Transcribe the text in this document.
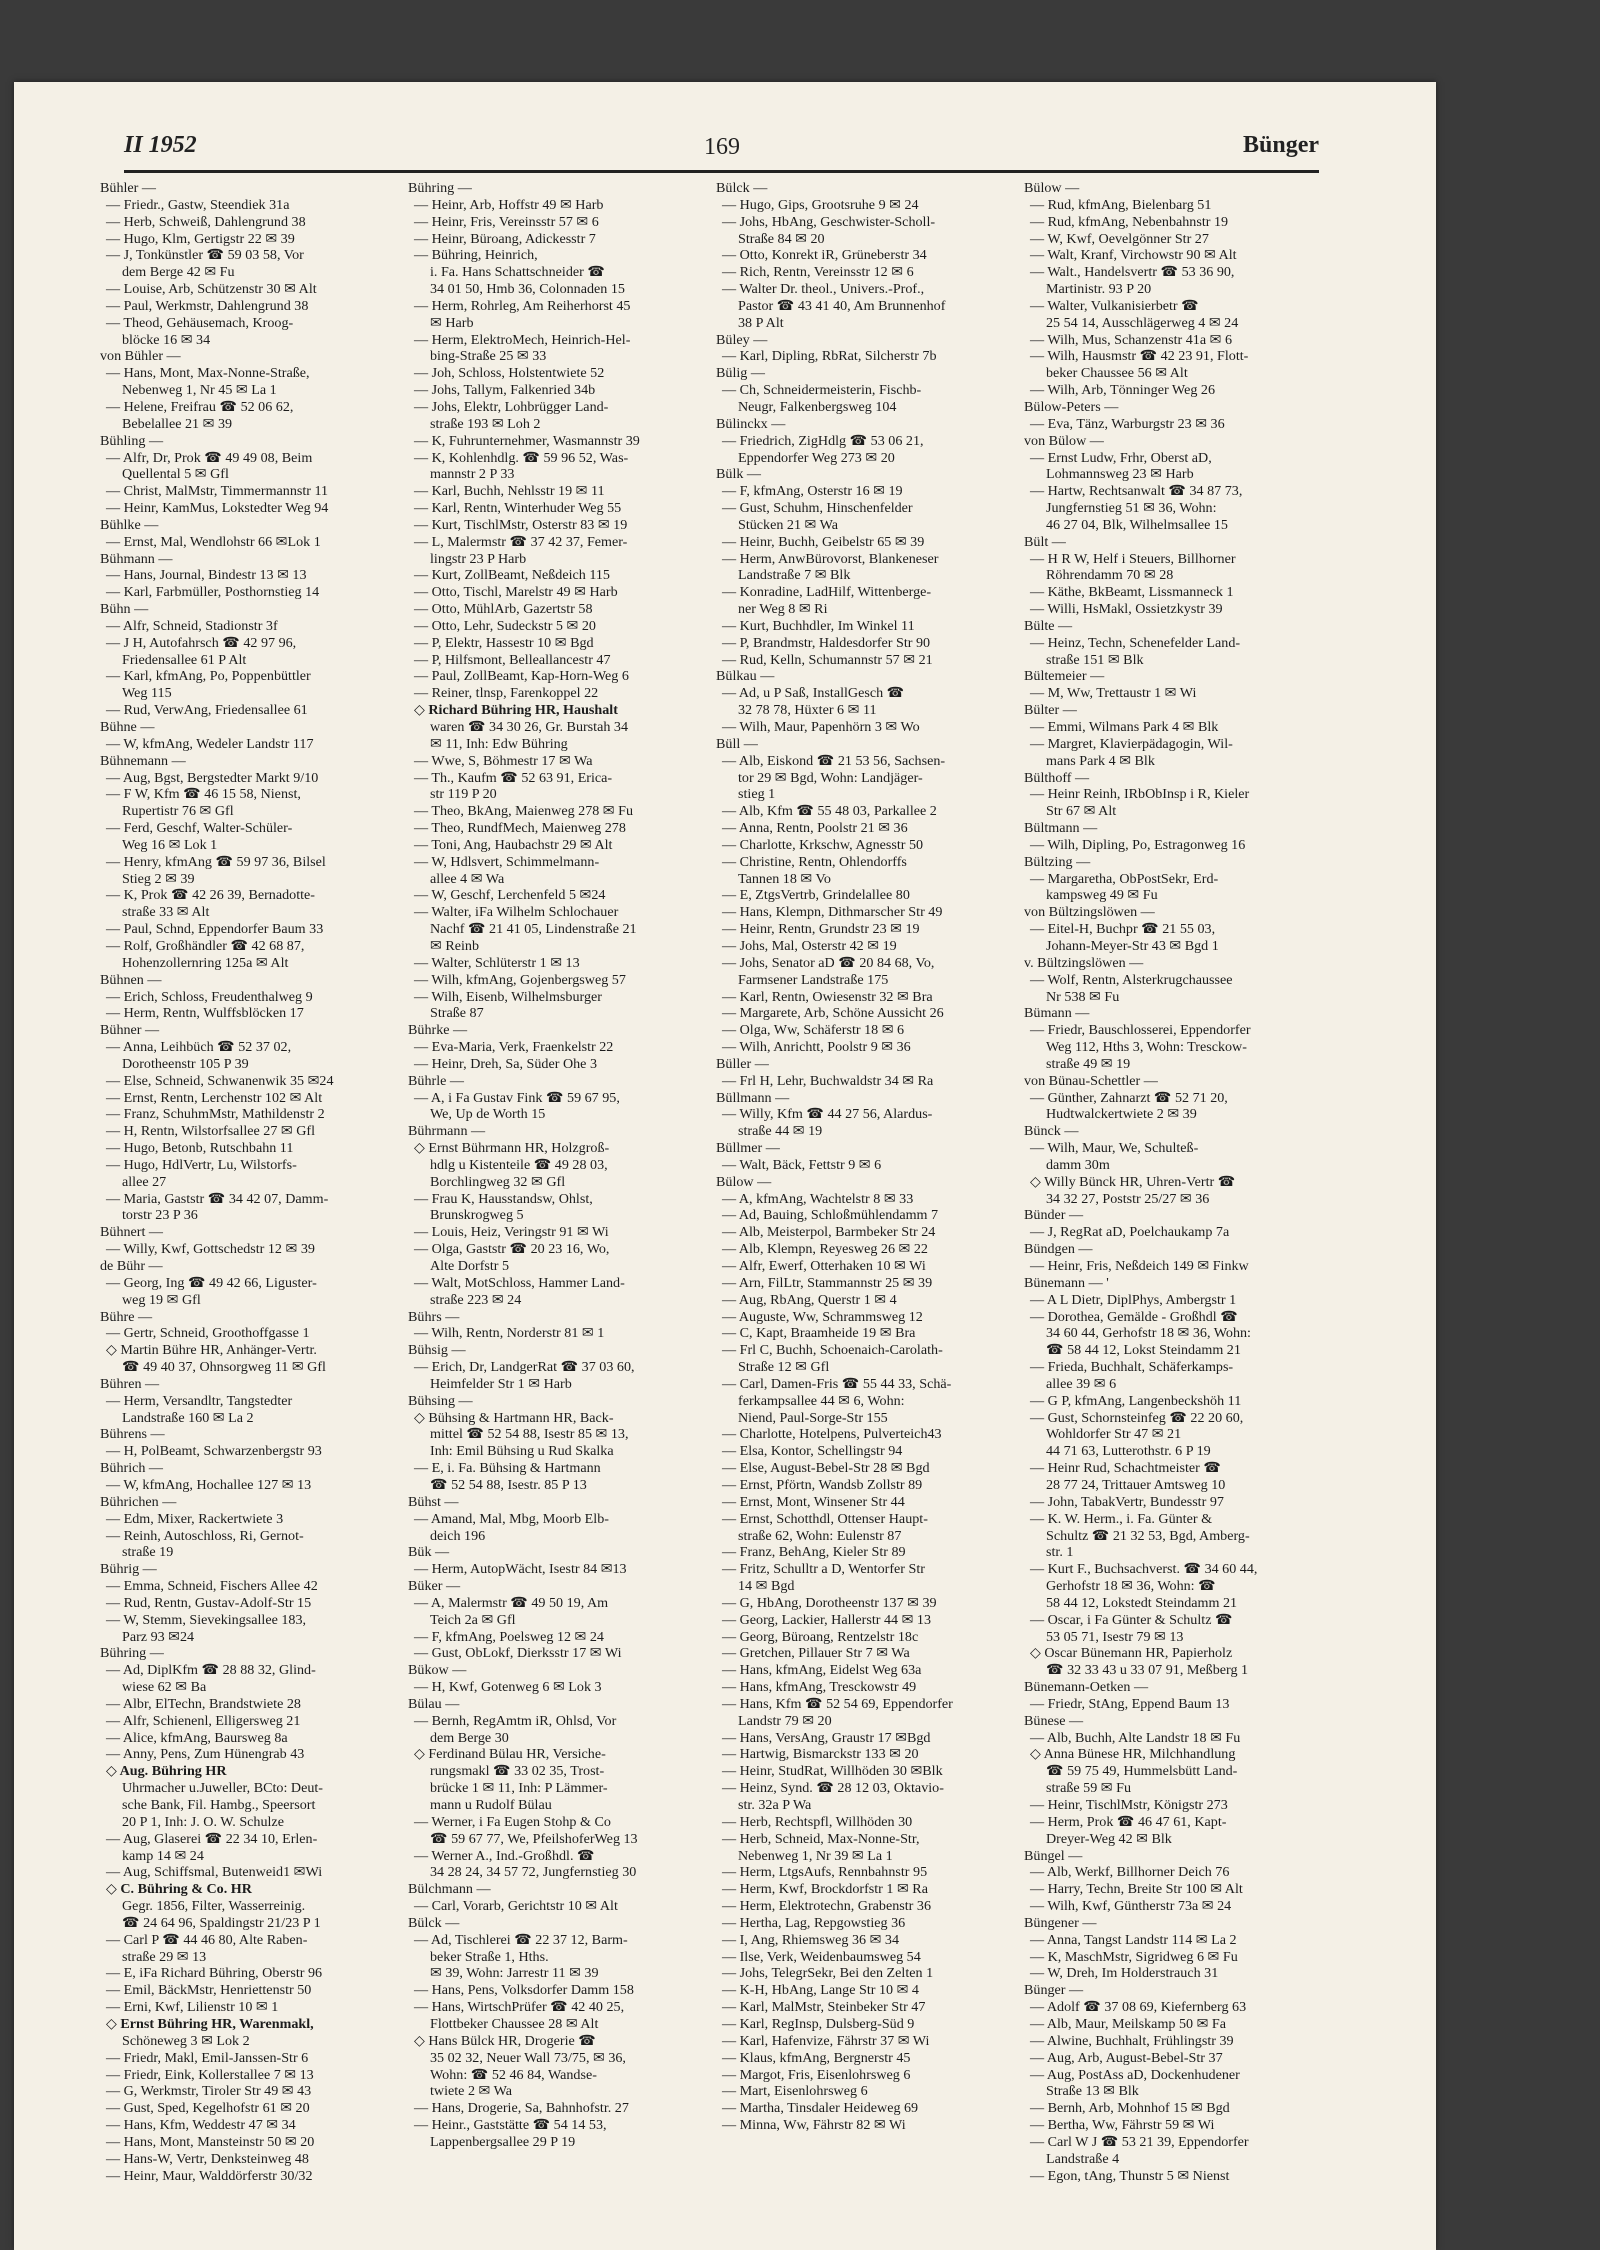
II 1952	169	Bünger
Bühler —
— Friedr., Gastw, Steendiek 31a
— Herb, Schweiß, Dahlengrund 38
— Hugo, Klm, Gertigstr 22 ✉ 39
— J, Tonkünstler ☎ 59 03 58, Vor
dem Berge 42 ✉ Fu
— Louise, Arb, Schützenstr 30 ✉ Alt
— Paul, Werkmstr, Dahlengrund 38
— Theod, Gehäusemach, Kroog-
blöcke 16 ✉ 34
von Bühler —
— Hans, Mont, Max-Nonne-Straße,
Nebenweg 1, Nr 45 ✉ La 1
— Helene, Freifrau ☎ 52 06 62,
Bebelallee 21 ✉ 39
Bühling —
— Alfr, Dr, Prok ☎ 49 49 08, Beim
Quellental 5 ✉ Gfl
— Christ, MalMstr, Timmermannstr 11
— Heinr, KamMus, Lokstedter Weg 94
Bühlke —
— Ernst, Mal, Wendlohstr 66 ✉Lok 1
Bühmann —
— Hans, Journal, Bindestr 13 ✉ 13
— Karl, Farbmüller, Posthornstieg 14
Bühn —
— Alfr, Schneid, Stadionstr 3f
— J H, Autofahrsch ☎ 42 97 96,
Friedensallee 61 P Alt
— Karl, kfmAng, Po, Poppenbüttler
Weg 115
— Rud, VerwAng, Friedensallee 61
Bühne —
— W, kfmAng, Wedeler Landstr 117
Bühnemann —
— Aug, Bgst, Bergstedter Markt 9/10
— F W, Kfm ☎ 46 15 58, Nienst,
Rupertistr 76 ✉ Gfl
— Ferd, Geschf, Walter-Schüler-
Weg 16 ✉ Lok 1
— Henry, kfmAng ☎ 59 97 36, Bilsel
Stieg 2 ✉ 39
— K, Prok ☎ 42 26 39, Bernadotte-
straße 33 ✉ Alt
— Paul, Schnd, Eppendorfer Baum 33
— Rolf, Großhändler ☎ 42 68 87,
Hohenzollernring 125a ✉ Alt
Bühnen —
— Erich, Schloss, Freudenthalweg 9
— Herm, Rentn, Wulffsblöcken 17
Bühner —
— Anna, Leihbüch ☎ 52 37 02,
Dorotheenstr 105 P 39
— Else, Schneid, Schwanenwik 35 ✉24
— Ernst, Rentn, Lerchenstr 102 ✉ Alt
— Franz, SchuhmMstr, Mathildenstr 2
— H, Rentn, Wilstorfsallee 27 ✉ Gfl
— Hugo, Betonb, Rutschbahn 11
— Hugo, HdlVertr, Lu, Wilstorfs-
allee 27
— Maria, Gaststr ☎ 34 42 07, Damm-
torstr 23 P 36
Bühnert —
— Willy, Kwf, Gottschedstr 12 ✉ 39
de Bühr —
— Georg, Ing ☎ 49 42 66, Liguster-
weg 19 ✉ Gfl
Bühre —
— Gertr, Schneid, Groothoffgasse 1
◇ Martin Bühre HR, Anhänger-Vertr.
☎ 49 40 37, Ohnsorgweg 11 ✉ Gfl
Bühren —
— Herm, Versandltr, Tangstedter
Landstraße 160 ✉ La 2
Bührens —
— H, PolBeamt, Schwarzenbergstr 93
Bührich —
— W, kfmAng, Hochallee 127 ✉ 13
Bührichen —
— Edm, Mixer, Rackertwiete 3
— Reinh, Autoschloss, Ri, Gernot-
straße 19
Bührig —
— Emma, Schneid, Fischers Allee 42
— Rud, Rentn, Gustav-Adolf-Str 15
— W, Stemm, Sievekingsallee 183,
Parz 93 ✉24
Bühring —
— Ad, DiplKfm ☎ 28 88 32, Glind-
wiese 62 ✉ Ba
— Albr, ElTechn, Brandstwiete 28
— Alfr, Schienenl, Elligersweg 21
— Alice, kfmAng, Baursweg 8a
— Anny, Pens, Zum Hünengrab 43
◇ Aug. Bühring HR
Uhrmacher u.Juweller, BCto: Deut-
sche Bank, Fil. Hambg., Speersort
20 P 1, Inh: J. O. W. Schulze
— Aug, Glaserei ☎ 22 34 10, Erlen-
kamp 14 ✉ 24
— Aug, Schiffsmal, Butenweid1 ✉Wi
◇ C. Bühring & Co. HR
Gegr. 1856, Filter, Wasserreinig.
☎ 24 64 96, Spaldingstr 21/23 P 1
— Carl P ☎ 44 46 80, Alte Raben-
straße 29 ✉ 13
— E, iFa Richard Bühring, Oberstr 96
— Emil, BäckMstr, Henriettenstr 50
— Erni, Kwf, Lilienstr 10 ✉ 1
◇ Ernst Bühring HR, Warenmakl,
Schöneweg 3 ✉ Lok 2
— Friedr, Makl, Emil-Janssen-Str 6
— Friedr, Eink, Kollerstallee 7 ✉ 13
— G, Werkmstr, Tiroler Str 49 ✉ 43
— Gust, Sped, Kegelhofstr 61 ✉ 20
— Hans, Kfm, Weddestr 47 ✉ 34
— Hans, Mont, Mansteinstr 50 ✉ 20
— Hans-W, Vertr, Denksteinweg 48
— Heinr, Maur, Walddörferstr 30/32
Bühring —
— Heinr, Arb, Hoffstr 49 ✉ Harb
— Heinr, Fris, Vereinsstr 57 ✉ 6
— Heinr, Büroang, Adickesstr 7
— Bühring, Heinrich,
i. Fa. Hans Schattschneider ☎
34 01 50, Hmb 36, Colonnaden 15
— Herm, Rohrleg, Am Reiherhorst 45
✉ Harb
— Herm, ElektroMech, Heinrich-Hel-
bing-Straße 25 ✉ 33
— Joh, Schloss, Holstentwiete 52
— Johs, Tallym, Falkenried 34b
— Johs, Elektr, Lohbrügger Land-
straße 193 ✉ Loh 2
— K, Fuhrunternehmer, Wasmannstr 39
— K, Kohlenhdlg. ☎ 59 96 52, Was-
mannstr 2 P 33
— Karl, Buchh, Nehlsstr 19 ✉ 11
— Karl, Rentn, Winterhuder Weg 55
— Kurt, TischlMstr, Osterstr 83 ✉ 19
— L, Malermstr ☎ 37 42 37, Femer-
lingstr 23 P Harb
— Kurt, ZollBeamt, Neßdeich 115
— Otto, Tischl, Marelstr 49 ✉ Harb
— Otto, MühlArb, Gazertstr 58
— Otto, Lehr, Sudeckstr 5 ✉ 20
— P, Elektr, Hassestr 10 ✉ Bgd
— P, Hilfsmont, Belleallancestr 47
— Paul, ZollBeamt, Kap-Horn-Weg 6
— Reiner, tlnsp, Farenkoppel 22
◇ Richard Bühring HR, Haushalt
waren ☎ 34 30 26, Gr. Burstah 34
✉ 11, Inh: Edw Bühring
— Wwe, S, Böhmestr 17 ✉ Wa
— Th., Kaufm ☎ 52 63 91, Erica-
str 119 P 20
— Theo, BkAng, Maienweg 278 ✉ Fu
— Theo, RundfMech, Maienweg 278
— Toni, Ang, Haubachstr 29 ✉ Alt
— W, Hdlsvert, Schimmelmann-
allee 4 ✉ Wa
— W, Geschf, Lerchenfeld 5 ✉24
— Walter, iFa Wilhelm Schlochauer
Nachf ☎ 21 41 05, Lindenstraße 21
✉ Reinb
— Walter, Schlüterstr 1 ✉ 13
— Wilh, kfmAng, Gojenbergsweg 57
— Wilh, Eisenb, Wilhelmsburger
Straße 87
Bührke —
— Eva-Maria, Verk, Fraenkelstr 22
— Heinr, Dreh, Sa, Süder Ohe 3
Bührle —
— A, i Fa Gustav Fink ☎ 59 67 95,
We, Up de Worth 15
Bührmann —
◇ Ernst Bührmann HR, Holzgroß-
hdlg u Kistenteile ☎ 49 28 03,
Borchlingweg 32 ✉ Gfl
— Frau K, Hausstandsw, Ohlst,
Brunskrogweg 5
— Louis, Heiz, Veringstr 91 ✉ Wi
— Olga, Gaststr ☎ 20 23 16, Wo,
Alte Dorfstr 5
— Walt, MotSchloss, Hammer Land-
straße 223 ✉ 24
Bührs —
— Wilh, Rentn, Norderstr 81 ✉ 1
Bühsig —
— Erich, Dr, LandgerRat ☎ 37 03 60,
Heimfelder Str 1 ✉ Harb
Bühsing —
◇ Bühsing & Hartmann HR, Back-
mittel ☎ 52 54 88, Isestr 85 ✉ 13,
Inh: Emil Bühsing u Rud Skalka
— E, i. Fa. Bühsing & Hartmann
☎ 52 54 88, Isestr. 85 P 13
Bühst —
— Amand, Mal, Mbg, Moorb Elb-
deich 196
Bük —
— Herm, AutopWächt, Isestr 84 ✉13
Büker —
— A, Malermstr ☎ 49 50 19, Am
Teich 2a ✉ Gfl
— F, kfmAng, Poelsweg 12 ✉ 24
— Gust, ObLokf, Dierksstr 17 ✉ Wi
Bükow —
— H, Kwf, Gotenweg 6 ✉ Lok 3
Bülau —
— Bernh, RegAmtm iR, Ohlsd, Vor
dem Berge 30
◇ Ferdinand Bülau HR, Versiche-
rungsmakl ☎ 33 02 35, Trost-
brücke 1 ✉ 11, Inh: P Lämmer-
mann u Rudolf Bülau
— Werner, i Fa Eugen Stohp & Co
☎ 59 67 77, We, PfeilshoferWeg 13
— Werner A., Ind.-Großhdl. ☎
34 28 24, 34 57 72, Jungfernstieg 30
Bülchmann —
— Carl, Vorarb, Gerichtstr 10 ✉ Alt
Bülck —
— Ad, Tischlerei ☎ 22 37 12, Barm-
beker Straße 1, Hths.
✉ 39, Wohn: Jarrestr 11 ✉ 39
— Hans, Pens, Volksdorfer Damm 158
— Hans, WirtschPrüfer ☎ 42 40 25,
Flottbeker Chaussee 28 ✉ Alt
◇ Hans Bülck HR, Drogerie ☎
35 02 32, Neuer Wall 73/75, ✉ 36,
Wohn: ☎ 52 46 84, Wandse-
twiete 2 ✉ Wa
— Hans, Drogerie, Sa, Bahnhofstr. 27
— Heinr., Gaststätte ☎ 54 14 53,
Lappenbergsallee 29 P 19
Bülck —
— Hugo, Gips, Grootsruhe 9 ✉ 24
— Johs, HbAng, Geschwister-Scholl-
Straße 84 ✉ 20
— Otto, Konrekt iR, Grüneberstr 34
— Rich, Rentn, Vereinsstr 12 ✉ 6
— Walter Dr. theol., Univers.-Prof.,
Pastor ☎ 43 41 40, Am Brunnenhof
38 P Alt
Büley —
— Karl, Dipling, RbRat, Silcherstr 7b
Bülig —
— Ch, Schneidermeisterin, Fischb-
Neugr, Falkenbergsweg 104
Bülinckx —
— Friedrich, ZigHdlg ☎ 53 06 21,
Eppendorfer Weg 273 ✉ 20
Bülk —
— F, kfmAng, Osterstr 16 ✉ 19
— Gust, Schuhm, Hinschenfelder
Stücken 21 ✉ Wa
— Heinr, Buchh, Geibelstr 65 ✉ 39
— Herm, AnwBürovorst, Blankeneser
Landstraße 7 ✉ Blk
— Konradine, LadHilf, Wittenberge-
ner Weg 8 ✉ Ri
— Kurt, Buchhdler, Im Winkel 11
— P, Brandmstr, Haldesdorfer Str 90
— Rud, Kelln, Schumannstr 57 ✉ 21
Bülkau —
— Ad, u P Saß, InstallGesch ☎
32 78 78, Hüxter 6 ✉ 11
— Wilh, Maur, Papenhörn 3 ✉ Wo
Büll —
— Alb, Eiskond ☎ 21 53 56, Sachsen-
tor 29 ✉ Bgd, Wohn: Landjäger-
stieg 1
— Alb, Kfm ☎ 55 48 03, Parkallee 2
— Anna, Rentn, Poolstr 21 ✉ 36
— Charlotte, Krkschw, Agnesstr 50
— Christine, Rentn, Ohlendorffs
Tannen 18 ✉ Vo
— E, ZtgsVertrb, Grindelallee 80
— Hans, Klempn, Dithmarscher Str 49
— Heinr, Rentn, Grundstr 23 ✉ 19
— Johs, Mal, Osterstr 42 ✉ 19
— Johs, Senator aD ☎ 20 84 68, Vo,
Farmsener Landstraße 175
— Karl, Rentn, Owiesenstr 32 ✉ Bra
— Margarete, Arb, Schöne Aussicht 26
— Olga, Ww, Schäferstr 18 ✉ 6
— Wilh, Anrichtt, Poolstr 9 ✉ 36
Büller —
— Frl H, Lehr, Buchwaldstr 34 ✉ Ra
Büllmann —
— Willy, Kfm ☎ 44 27 56, Alardus-
straße 44 ✉ 19
Büllmer —
— Walt, Bäck, Fettstr 9 ✉ 6
Bülow —
— A, kfmAng, Wachtelstr 8 ✉ 33
— Ad, Bauing, Schloßmühlendamm 7
— Alb, Meisterpol, Barmbeker Str 24
— Alb, Klempn, Reyesweg 26 ✉ 22
— Alfr, Ewerf, Otterhaken 10 ✉ Wi
— Arn, FilLtr, Stammannstr 25 ✉ 39
— Aug, RbAng, Querstr 1 ✉ 4
— Auguste, Ww, Schrammsweg 12
— C, Kapt, Braamheide 19 ✉ Bra
— Frl C, Buchh, Schoenaich-Carolath-
Straße 12 ✉ Gfl
— Carl, Damen-Fris ☎ 55 44 33, Schä-
ferkampsallee 44 ✉ 6, Wohn:
Niend, Paul-Sorge-Str 155
— Charlotte, Hotelpens, Pulverteich43
— Elsa, Kontor, Schellingstr 94
— Else, August-Bebel-Str 28 ✉ Bgd
— Ernst, Pförtn, Wandsb Zollstr 89
— Ernst, Mont, Winsener Str 44
— Ernst, Schotthdl, Ottenser Haupt-
straße 62, Wohn: Eulenstr 87
— Franz, BehAng, Kieler Str 89
— Fritz, Schulltr a D, Wentorfer Str
14 ✉ Bgd
— G, HbAng, Dorotheenstr 137 ✉ 39
— Georg, Lackier, Hallerstr 44 ✉ 13
— Georg, Büroang, Rentzelstr 18c
— Gretchen, Pillauer Str 7 ✉ Wa
— Hans, kfmAng, Eidelst Weg 63a
— Hans, kfmAng, Tresckowstr 49
— Hans, Kfm ☎ 52 54 69, Eppendorfer
Landstr 79 ✉ 20
— Hans, VersAng, Graustr 17 ✉Bgd
— Hartwig, Bismarckstr 133 ✉ 20
— Heinr, StudRat, Willhöden 30 ✉Blk
— Heinz, Synd. ☎ 28 12 03, Oktavio-
str. 32a P Wa
— Herb, Rechtspfl, Willhöden 30
— Herb, Schneid, Max-Nonne-Str,
Nebenweg 1, Nr 39 ✉ La 1
— Herm, LtgsAufs, Rennbahnstr 95
— Herm, Kwf, Brockdorfstr 1 ✉ Ra
— Herm, Elektrotechn, Grabenstr 36
— Hertha, Lag, Repgowstieg 36
— I, Ang, Rhiemsweg 36 ✉ 34
— Ilse, Verk, Weidenbaumsweg 54
— Johs, TelegrSekr, Bei den Zelten 1
— K-H, HbAng, Lange Str 10 ✉ 4
— Karl, MalMstr, Steinbeker Str 47
— Karl, RegInsp, Dulsberg-Süd 9
— Karl, Hafenvize, Fährstr 37 ✉ Wi
— Klaus, kfmAng, Bergnerstr 45
— Margot, Fris, Eisenlohrsweg 6
— Mart, Eisenlohrsweg 6
— Martha, Tinsdaler Heideweg 69
— Minna, Ww, Fährstr 82 ✉ Wi
Bülow —
— Rud, kfmAng, Bielenbarg 51
— Rud, kfmAng, Nebenbahnstr 19
— W, Kwf, Oevelgönner Str 27
— Walt, Kranf, Virchowstr 90 ✉ Alt
— Walt., Handelsvertr ☎ 53 36 90,
Martinistr. 93 P 20
— Walter, Vulkanisierbetr ☎
25 54 14, Ausschlägerweg 4 ✉ 24
— Wilh, Mus, Schanzenstr 41a ✉ 6
— Wilh, Hausmstr ☎ 42 23 91, Flott-
beker Chaussee 56 ✉ Alt
— Wilh, Arb, Tönninger Weg 26
Bülow-Peters —
— Eva, Tänz, Warburgstr 23 ✉ 36
von Bülow —
— Ernst Ludw, Frhr, Oberst aD,
Lohmannsweg 23 ✉ Harb
— Hartw, Rechtsanwalt ☎ 34 87 73,
Jungfernstieg 51 ✉ 36, Wohn:
46 27 04, Blk, Wilhelmsallee 15
Bült —
— H R W, Helf i Steuers, Billhorner
Röhrendamm 70 ✉ 28
— Käthe, BkBeamt, Lissmanneck 1
— Willi, HsMakl, Ossietzkystr 39
Bülte —
— Heinz, Techn, Schenefelder Land-
straße 151 ✉ Blk
Bültemeier —
— M, Ww, Trettaustr 1 ✉ Wi
Bülter —
— Emmi, Wilmans Park 4 ✉ Blk
— Margret, Klavierpädagogin, Wil-
mans Park 4 ✉ Blk
Bülthoff —
— Heinr Reinh, IRbObInsp i R, Kieler
Str 67 ✉ Alt
Bültmann —
— Wilh, Dipling, Po, Estragonweg 16
Bültzing —
— Margaretha, ObPostSekr, Erd-
kampsweg 49 ✉ Fu
von Bültzingslöwen —
— Eitel-H, Buchpr ☎ 21 55 03,
Johann-Meyer-Str 43 ✉ Bgd 1
v. Bültzingslöwen —
— Wolf, Rentn, Alsterkrugchaussee
Nr 538 ✉ Fu
Bümann —
— Friedr, Bauschlosserei, Eppendorfer
Weg 112, Hths 3, Wohn: Tresckow-
straße 49 ✉ 19
von Bünau-Schettler —
— Günther, Zahnarzt ☎ 52 71 20,
Hudtwalckertwiete 2 ✉ 39
Bünck —
— Wilh, Maur, We, Schulteß-
damm 30m
◇ Willy Bünck HR, Uhren-Vertr ☎
34 32 27, Poststr 25/27 ✉ 36
Bünder —
— J, RegRat aD, Poelchaukamp 7a
Bündgen —
— Heinr, Fris, Neßdeich 149 ✉ Finkw
Bünemann — '
— A L Dietr, DiplPhys, Ambergstr 1
— Dorothea, Gemälde - Großhdl ☎
34 60 44, Gerhofstr 18 ✉ 36, Wohn:
☎ 58 44 12, Lokst Steindamm 21
— Frieda, Buchhalt, Schäferkamps-
allee 39 ✉ 6
— G P, kfmAng, Langenbeckshöh 11
— Gust, Schornsteinfeg ☎ 22 20 60,
Wohldorfer Str 47 ✉ 21
44 71 63, Lutterothstr. 6 P 19
— Heinr Rud, Schachtmeister ☎
28 77 24, Trittauer Amtsweg 10
— John, TabakVertr, Bundesstr 97
— K. W. Herm., i. Fa. Günter &
Schultz ☎ 21 32 53, Bgd, Amberg-
str. 1
— Kurt F., Buchsachverst. ☎ 34 60 44,
Gerhofstr 18 ✉ 36, Wohn: ☎
58 44 12, Lokstedt Steindamm 21
— Oscar, i Fa Günter & Schultz ☎
53 05 71, Isestr 79 ✉ 13
◇ Oscar Bünemann HR, Papierholz
☎ 32 33 43 u 33 07 91, Meßberg 1
Bünemann-Oetken —
— Friedr, StAng, Eppend Baum 13
Bünese —
— Alb, Buchh, Alte Landstr 18 ✉ Fu
◇ Anna Bünese HR, Milchhandlung
☎ 59 75 49, Hummelsbütt Land-
straße 59 ✉ Fu
— Heinr, TischlMstr, Königstr 273
— Herm, Prok ☎ 46 47 61, Kapt-
Dreyer-Weg 42 ✉ Blk
Büngel —
— Alb, Werkf, Billhorner Deich 76
— Harry, Techn, Breite Str 100 ✉ Alt
— Wilh, Kwf, Güntherstr 73a ✉ 24
Büngener —
— Anna, Tangst Landstr 114 ✉ La 2
— K, MaschMstr, Sigridweg 6 ✉ Fu
— W, Dreh, Im Holderstrauch 31
Bünger —
— Adolf ☎ 37 08 69, Kiefernberg 63
— Alb, Maur, Meilskamp 50 ✉ Fa
— Alwine, Buchhalt, Frühlingstr 39
— Aug, Arb, August-Bebel-Str 37
— Aug, PostAss aD, Dockenhudener
Straße 13 ✉ Blk
— Bernh, Arb, Mohnhof 15 ✉ Bgd
— Bertha, Ww, Fährstr 59 ✉ Wi
— Carl W J ☎ 53 21 39, Eppendorfer
Landstraße 4
— Egon, tAng, Thunstr 5 ✉ Nienst
